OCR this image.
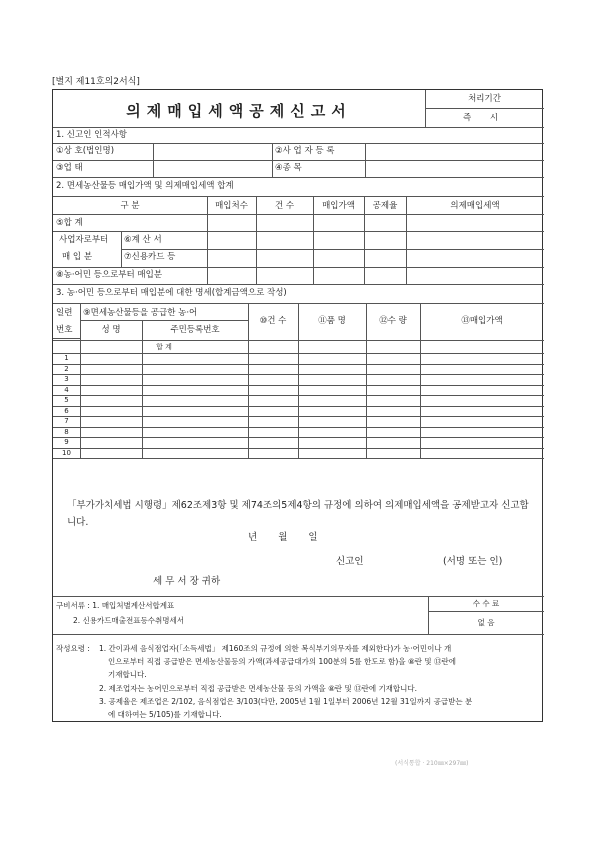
[별지 제11호의2서식]
의제매입세액공제신고서
처리기간
즉 시
1. 신고인 인적사항
①상 호(법인명)	②사 업 자 등 록
③업 태	④종 목
2. 면세농산물등 매입가액 및 의제매입세액 합계
구 분	매입처수	건 수	매입가액	공제율	의제매입세액
⑤합 계
사업자로부터
매 입 분
⑥계 산 서
⑦신용카드 등
⑧농·어민 등으로부터 매입분
3. 농·어민 등으로부터 매입분에 대한 명세(합계금액으로 작성)
일련
번호
⑨면세농산물등을 공급한 농·어
성 명	주민등록번호
⑩건 수	⑪품 명	⑫수 량	⑬매입가액
합 계
1
2
3
4
5
6
7
8
9
10
「부가가치세법 시행령」제62조제3항 및 제74조의5제4항의 규정에 의하여 의제매입세액을 공제받고자 신고합니다.
년 월 일
신고인	(서명 또는 인)
세 무 서 장 귀하
구비서류 : 1. 매입처별계산서합계표
2. 신용카드매출전표등수취명세서
수 수 료
없 음
작성요령 : 1. 간이과세 음식점업자(「소득세법」 제160조의 규정에 의한 복식부기의무자를 제외한다)가 농·어민이나 개
인으로부터 직접 공급받은 면세농산물등의 가액(과세공급대가의 100분의 5를 한도로 함)을 ⑧란 및 ⑬란에
기재합니다.
2. 제조업자는 농어민으로부터 직접 공급받은 면세농산물 등의 가액을 ⑧란 및 ⑬란에 기재합니다.
3. 공제율은 제조업은 2/102, 음식점업은 3/103(다만, 2005년 1월 1일부터 2006년 12월 31일까지 공급받는 분
에 대하여는 5/105)를 기재합니다.
(서식통합 · 210㎜×297㎜)
